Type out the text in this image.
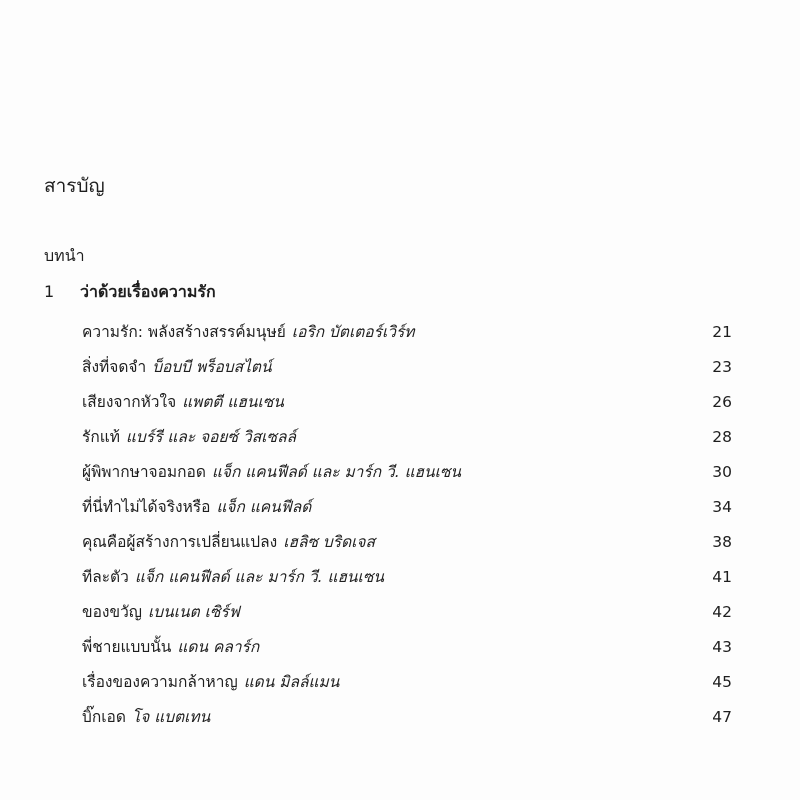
สารบัญ
บทนำ
1	ว่าด้วยเรื่องความรัก
ความรัก: พลังสร้างสรรค์มนุษย์ เอริก บัตเตอร์เวิร์ท	21
สิ่งที่จดจำ บ็อบบี พร็อบสไตน์	23
เสียงจากหัวใจ แพตตี แฮนเซน	26
รักแท้ แบร์รี และ จอยซ์ วิสเซลล์	28
ผู้พิพากษาจอมกอด แจ็ก แคนฟีลด์ และ มาร์ก วี. แฮนเซน	30
ที่นี่ทำไม่ได้จริงหรือ แจ็ก แคนฟีลด์	34
คุณคือผู้สร้างการเปลี่ยนแปลง เฮลิซ บริดเจส	38
ทีละตัว แจ็ก แคนฟีลด์ และ มาร์ก วี. แฮนเซน	41
ของขวัญ เบนเนต เซิร์ฟ	42
พี่ชายแบบนั้น แดน คลาร์ก	43
เรื่องของความกล้าหาญ แดน มิลล์แมน	45
บิ๊กเอด โจ แบตเทน	47
